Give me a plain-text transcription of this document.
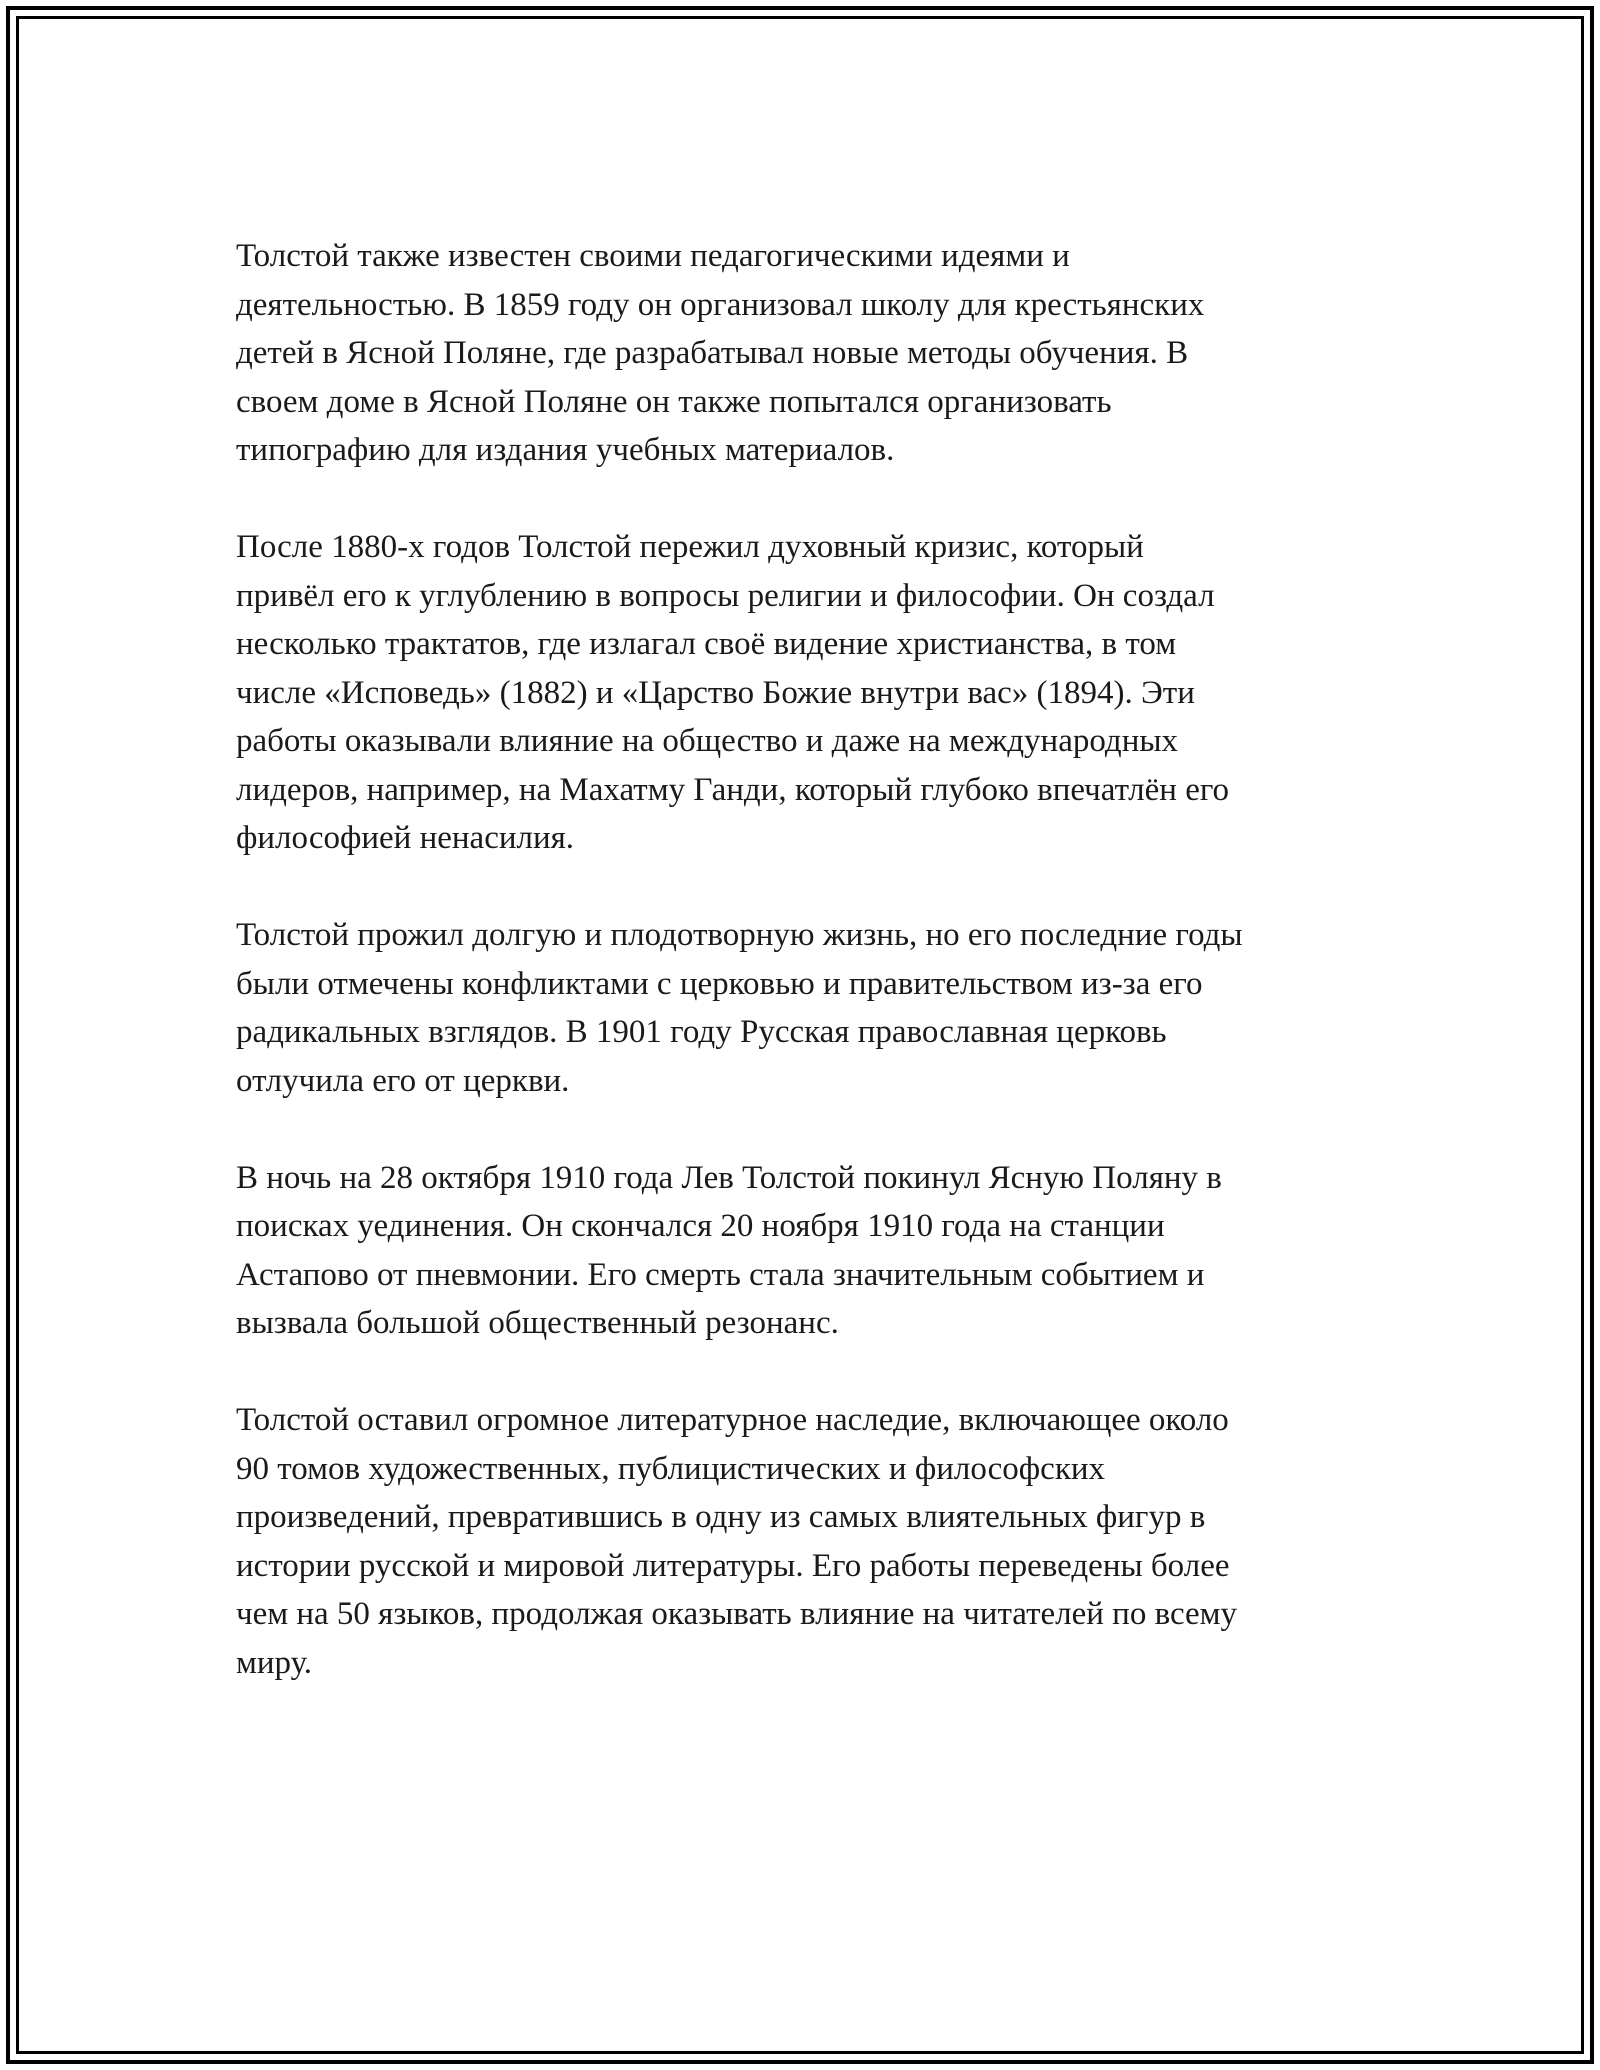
Толстой также известен своими педагогическими идеями и
деятельностью. В 1859 году он организовал школу для крестьянских
детей в Ясной Поляне, где разрабатывал новые методы обучения. В
своем доме в Ясной Поляне он также попытался организовать
типографию для издания учебных материалов.

После 1880-х годов Толстой пережил духовный кризис, который
привёл его к углублению в вопросы религии и философии. Он создал
несколько трактатов, где излагал своё видение христианства, в том
числе «Исповедь» (1882) и «Царство Божие внутри вас» (1894). Эти
работы оказывали влияние на общество и даже на международных
лидеров, например, на Махатму Ганди, который глубоко впечатлён его
философией ненасилия.

Толстой прожил долгую и плодотворную жизнь, но его последние годы
были отмечены конфликтами с церковью и правительством из-за его
радикальных взглядов. В 1901 году Русская православная церковь
отлучила его от церкви.

В ночь на 28 октября 1910 года Лев Толстой покинул Ясную Поляну в
поисках уединения. Он скончался 20 ноября 1910 года на станции
Астапово от пневмонии. Его смерть стала значительным событием и
вызвала большой общественный резонанс.

Толстой оставил огромное литературное наследие, включающее около
90 томов художественных, публицистических и философских
произведений, превратившись в одну из самых влиятельных фигур в
истории русской и мировой литературы. Его работы переведены более
чем на 50 языков, продолжая оказывать влияние на читателей по всему
миру.
